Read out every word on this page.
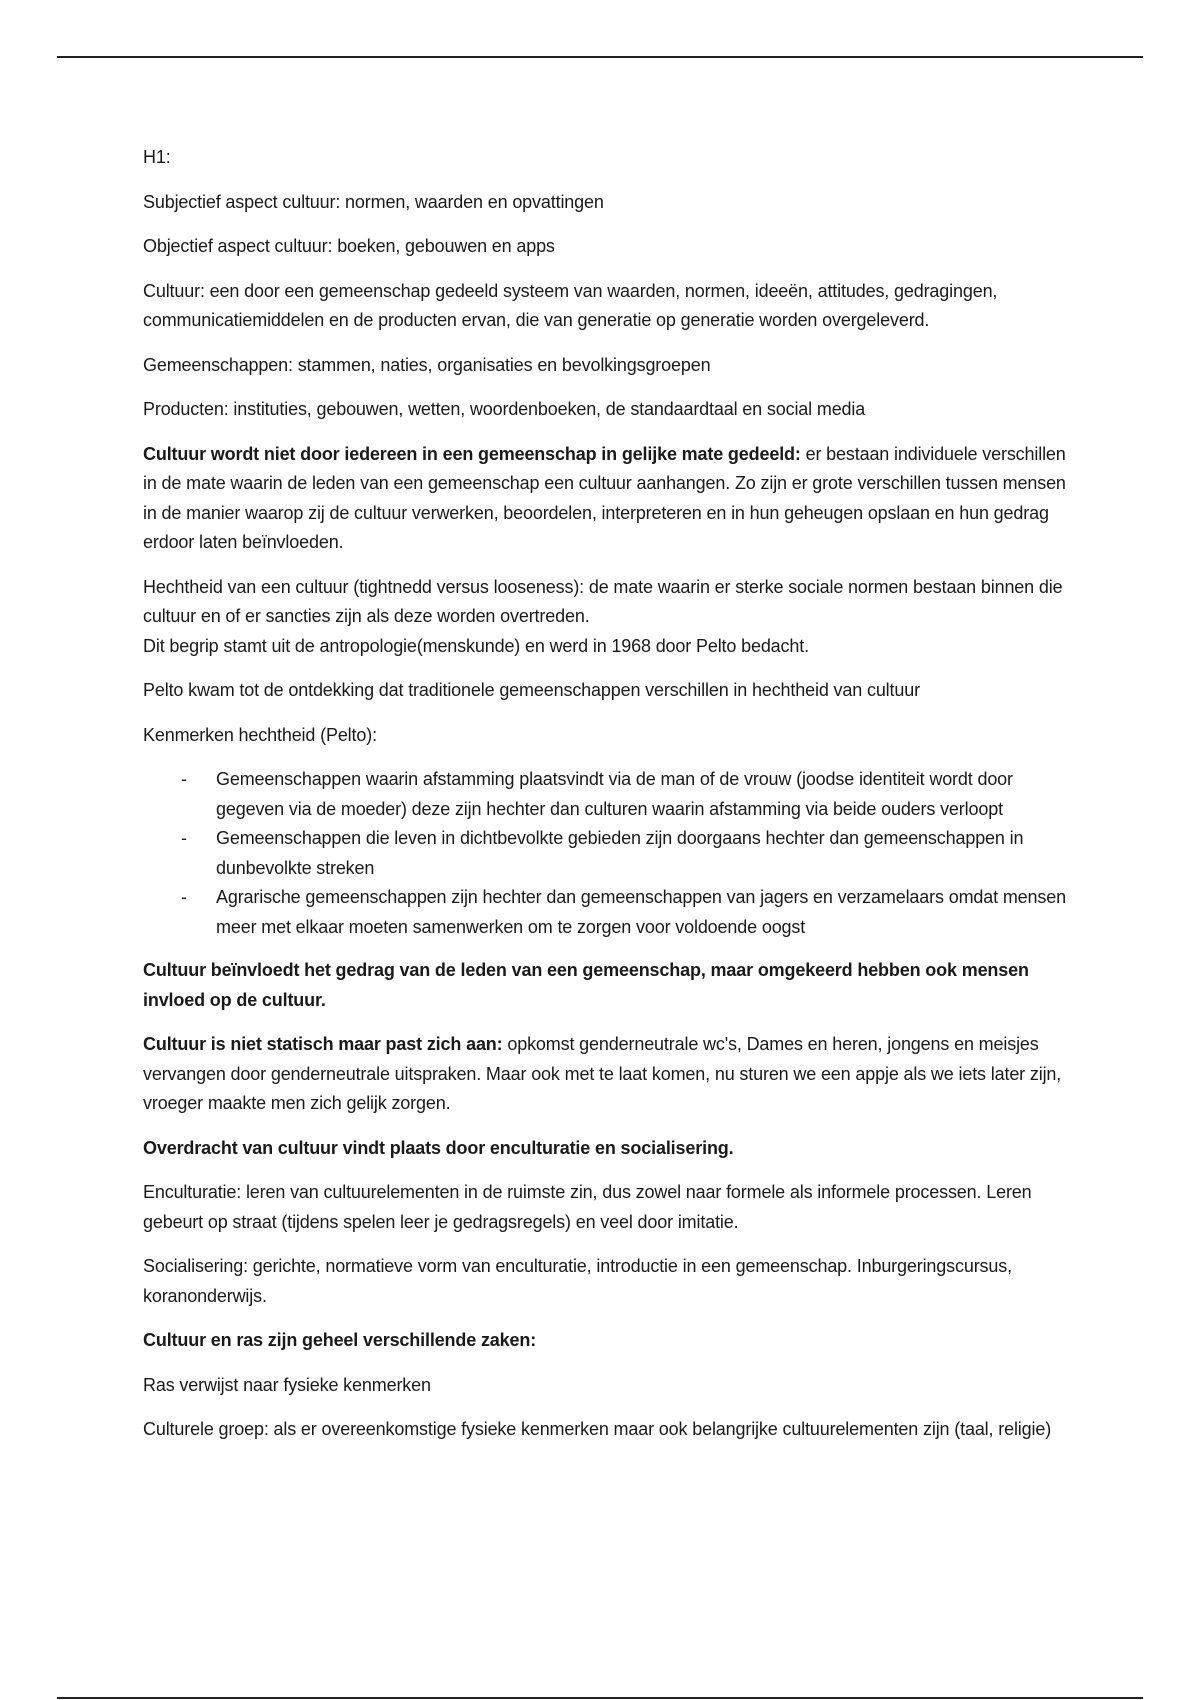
H1:

Subjectief aspect cultuur: normen, waarden en opvattingen

Objectief aspect cultuur: boeken, gebouwen en apps

Cultuur: een door een gemeenschap gedeeld systeem van waarden, normen, ideeën, attitudes, gedragingen, communicatiemiddelen en de producten ervan, die van generatie op generatie worden overgeleverd.

Gemeenschappen: stammen, naties, organisaties en bevolkingsgroepen

Producten: instituties, gebouwen, wetten, woordenboeken, de standaardtaal en social media

Cultuur wordt niet door iedereen in een gemeenschap in gelijke mate gedeeld: er bestaan individuele verschillen in de mate waarin de leden van een gemeenschap een cultuur aanhangen. Zo zijn er grote verschillen tussen mensen in de manier waarop zij de cultuur verwerken, beoordelen, interpreteren en in hun geheugen opslaan en hun gedrag erdoor laten beïnvloeden.

Hechtheid van een cultuur (tightnedd versus looseness): de mate waarin er sterke sociale normen bestaan binnen die cultuur en of er sancties zijn als deze worden overtreden.

Dit begrip stamt uit de antropologie(menskunde) en werd in 1968 door Pelto bedacht.

Pelto kwam tot de ontdekking dat traditionele gemeenschappen verschillen in hechtheid van cultuur

Kenmerken hechtheid (Pelto):

- Gemeenschappen waarin afstamming plaatsvindt via de man of de vrouw (joodse identiteit wordt door gegeven via de moeder) deze zijn hechter dan culturen waarin afstamming via beide ouders verloopt
- Gemeenschappen die leven in dichtbevolkte gebieden zijn doorgaans hechter dan gemeenschappen in dunbevolkte streken
- Agrarische gemeenschappen zijn hechter dan gemeenschappen van jagers en verzamelaars omdat mensen meer met elkaar moeten samenwerken om te zorgen voor voldoende oogst

Cultuur beïnvloedt het gedrag van de leden van een gemeenschap, maar omgekeerd hebben ook mensen invloed op de cultuur.

Cultuur is niet statisch maar past zich aan: opkomst genderneutrale wc's, Dames en heren, jongens en meisjes vervangen door genderneutrale uitspraken. Maar ook met te laat komen, nu sturen we een appje als we iets later zijn, vroeger maakte men zich gelijk zorgen.

Overdracht van cultuur vindt plaats door enculturatie en socialisering.

Enculturatie: leren van cultuurelementen in de ruimste zin, dus zowel naar formele als informele processen. Leren gebeurt op straat (tijdens spelen leer je gedragsregels) en veel door imitatie.

Socialisering: gerichte, normatieve vorm van enculturatie, introductie in een gemeenschap. Inburgeringscursus, koranonderwijs.

Cultuur en ras zijn geheel verschillende zaken:

Ras verwijst naar fysieke kenmerken

Culturele groep: als er overeenkomstige fysieke kenmerken maar ook belangrijke cultuurelementen zijn (taal, religie)
